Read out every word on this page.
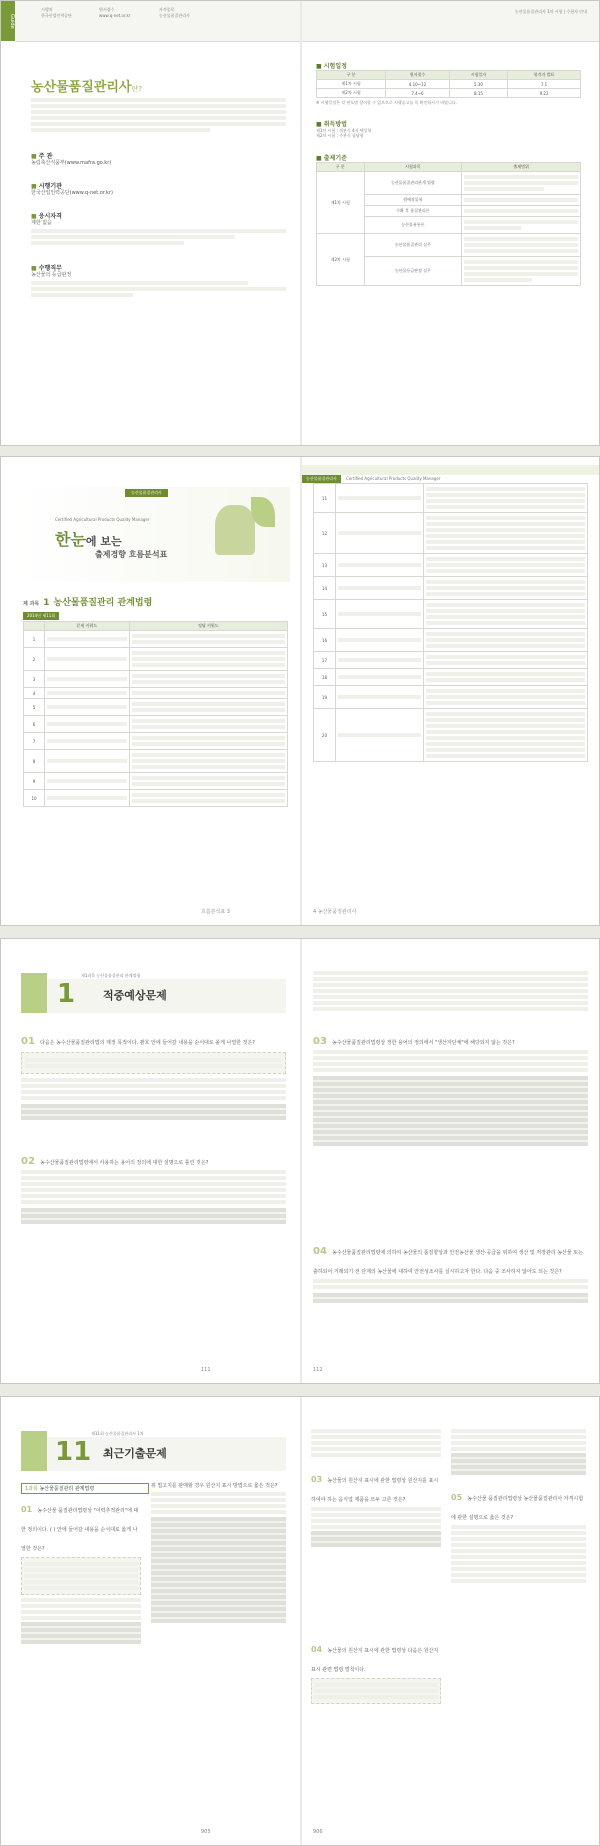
Guide
시행처
한국산업인력공단
원서접수
www.q-net.or.kr
자격종목
농산물품질관리사
농산물품질관리사 1차 시험 | 수험자 안내
농산물품질관리사란?
■ 주 관
농림축산식품부(www.mafra.go.kr)
■ 시행기관
한국산업인력공단(www.q-net.or.kr)
■ 응시자격
제한 없음
■ 수행직무
농산물의 등급판정
■ 시험일정
구 분	원서접수	시험일자	합격자 발표
제1차 시험	4.10~12	5.30	7.1
제2차 시험	7.4~6	8.15	9.22
※ 시행일정은 각 연도별 상이할 수 있으므로 시행공고를 꼭 확인하시기 바랍니다.
■ 취득방법
제1차 시험 : 객관식 4지 택일형
제2차 시험 : 주관식 필답형
■ 출제기준
구 분	시험과목	출제범위
제1차 시험	농산물품질관리관계 법령	

	원예작물학	

	수확 후 품질관리론	

	농산물유통론	

제2차 시험	농산물품질관리 실무	

	농산물등급판정 실무	
농산물품질관리사
Certified Agricultural Products Quality Manager
한눈에 보는
출제경향 흐름분석표
제 과목 1 농산물품질관리 관계법령
2014년 제11회
	문제 키워드	정답 키워드
1	

2	

3	

4	

5	

6	

7	

8	

9	

10	

흐름분석표 3
농산물품질관리사 Certified Agricultural Products Quality Manager
11	

12	

13	

14	

15	

16	

17	

18	

19	

20	

4 농산물품질관리사
1
제1과목 농산물품질관리 관계법령
적중예상문제
01 다음은 농수산물품질관리법의 제정 목적이다. 괄호 안에 들어갈 내용을 순서대로 올게 나열한 것은?
02 농수산물품질관리법령에서 사용하는 용어의 정의에 대한 설명으로 틀린 것은?
111
03 농수산물품질관리법령상 정한 용어의 정의에서 "생산자단체"에 해당되지 않는 것은?
04 농수산물품질관리법령에 의하여 농산물의 품질향상과 안전농산물 생산·공급을 위하여 생산 및 저장관리 농산물 또는 출하되어 거래되기 전 단계의 농산물에 대하여 안전성조사를 실시하고자 한다. 다음 중 조사하지 않아도 되는 것은?
112
11
제11회 농산물품질관리사 1차
최근기출문제
1과목 농산물품질관리 관계법령
01 농수산물 품질관리법령상 "이력추적관리"에 대한 정의이다. ( ) 안에 들어갈 내용을 순서대로 옳게 나열한 것은?
위 법고지를 판매할 경우 원산지 표시 방법으로 옳은 것은?
905
03 농산물의 원산지 표시에 관한 법령상 원산지를 표시하여야 하는 음식업 제품을 모두 고른 것은?
04 농산물의 원산지 표시에 관한 법령상 다음은 원산지 표시 관련 법령 벌칙이다.
05 농수산물 품질관리법령상 농산물품질관리사 자격시험에 관한 설명으로 옳은 것은?
906
